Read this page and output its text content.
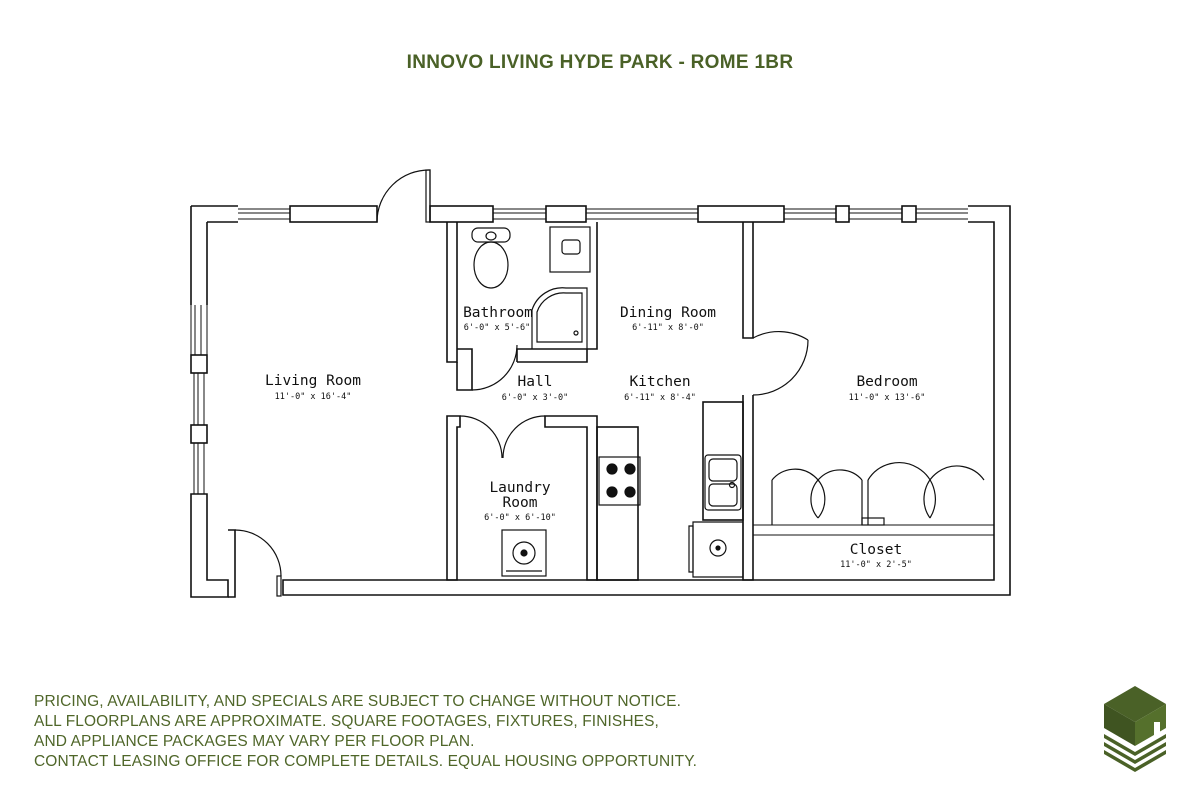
INNOVO LIVING HYDE PARK - ROME 1BR
Living Room
11'-0" x 16'-4"
Bathroom
6'-0" x 5'-6"
Dining Room
6'-11" x 8'-0"
Hall
6'-0" x 3'-0"
Kitchen
6'-11" x 8'-4"
Bedroom
11'-0" x 13'-6"
Laundry
Room
6'-0" x 6'-10"
Closet
11'-0" x 2'-5"
PRICING, AVAILABILITY, AND SPECIALS ARE SUBJECT TO CHANGE WITHOUT NOTICE.
ALL FLOORPLANS ARE APPROXIMATE. SQUARE FOOTAGES, FIXTURES, FINISHES,
AND APPLIANCE PACKAGES MAY VARY PER FLOOR PLAN.
CONTACT LEASING OFFICE FOR COMPLETE DETAILS. EQUAL HOUSING OPPORTUNITY.
